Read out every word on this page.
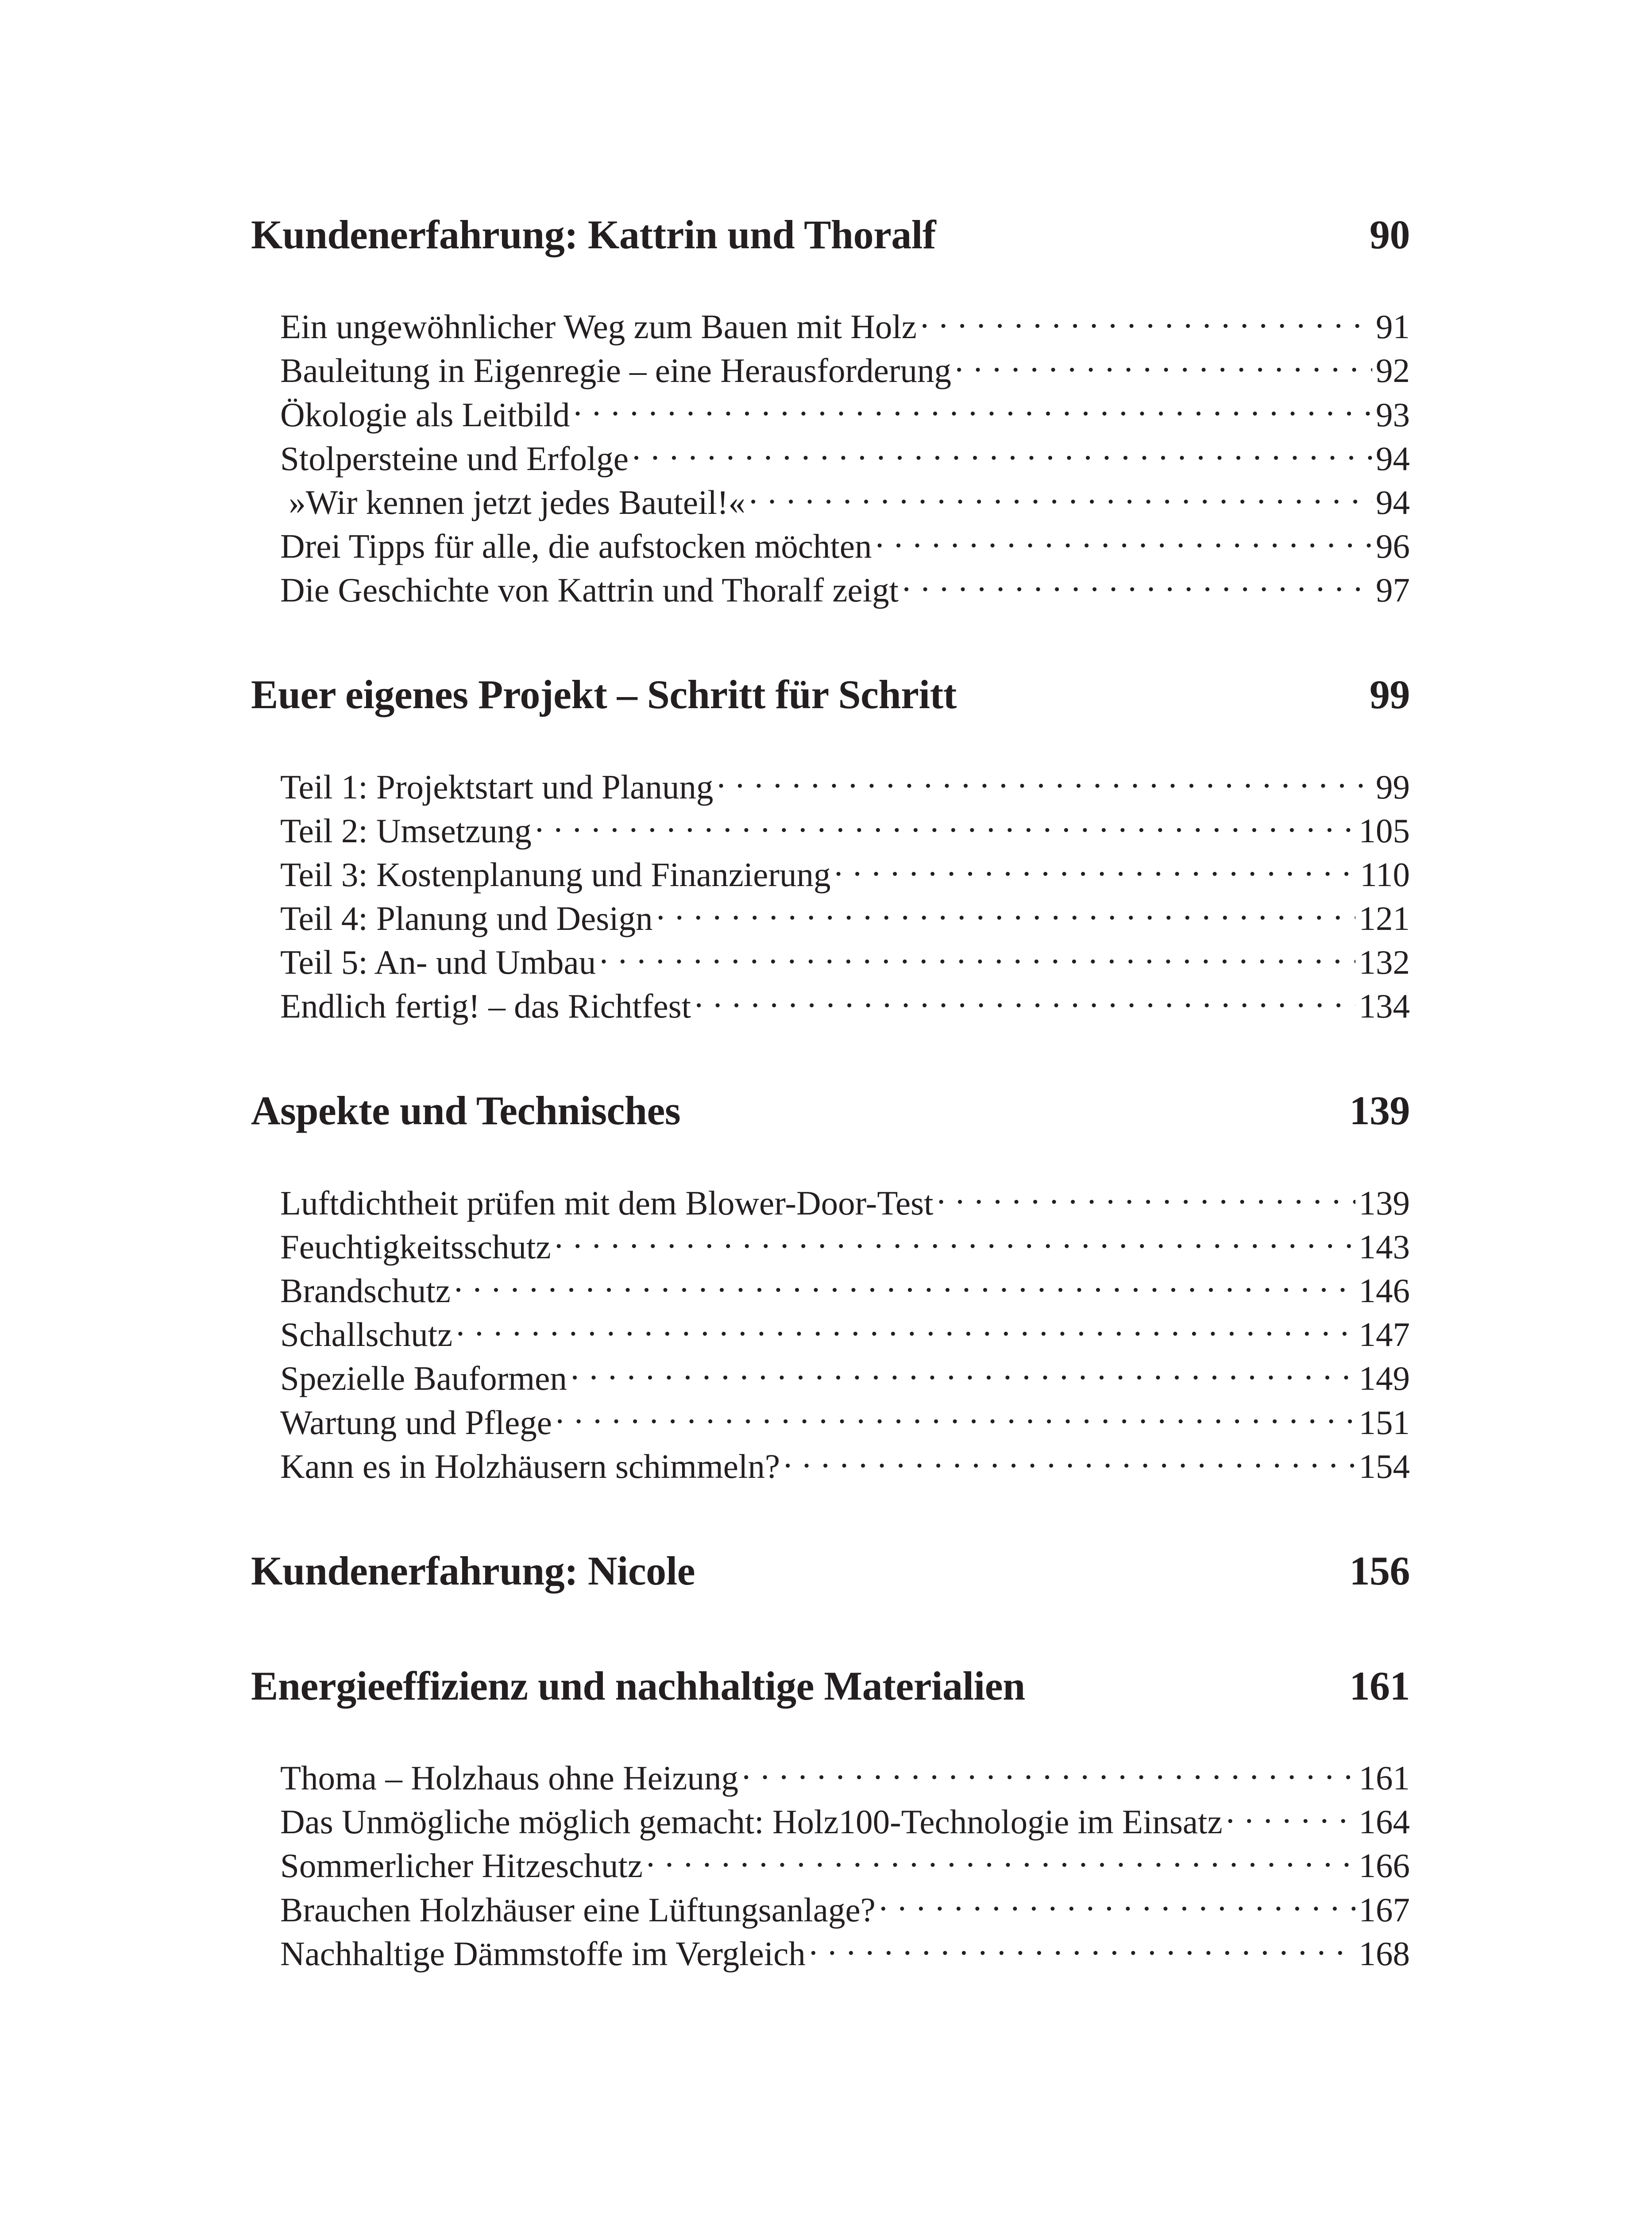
Kundenerfahrung: Kattrin und Thoralf	90
Ein ungewöhnlicher Weg zum Bauen mit Holz . . .	91
Bauleitung in Eigenregie – eine Herausforderung . . .	92
Ökologie als Leitbild . . .	93
Stolpersteine und Erfolge . . .	94
»Wir kennen jetzt jedes Bauteil!« . . .	94
Drei Tipps für alle, die aufstocken möchten . . .	96
Die Geschichte von Kattrin und Thoralf zeigt . . .	97
Euer eigenes Projekt – Schritt für Schritt	99
Teil 1: Projektstart und Planung . . .	99
Teil 2: Umsetzung . . .	105
Teil 3: Kostenplanung und Finanzierung . . .	110
Teil 4: Planung und Design . . .	121
Teil 5: An- und Umbau . . .	132
Endlich fertig! – das Richtfest . . .	134
Aspekte und Technisches	139
Luftdichtheit prüfen mit dem Blower-Door-Test . . .	139
Feuchtigkeitsschutz . . .	143
Brandschutz . . .	146
Schallschutz . . .	147
Spezielle Bauformen . . .	149
Wartung und Pflege . . .	151
Kann es in Holzhäusern schimmeln? . . .	154
Kundenerfahrung: Nicole	156
Energieeffizienz und nachhaltige Materialien	161
Thoma – Holzhaus ohne Heizung . . .	161
Das Unmögliche möglich gemacht: Holz100-Technologie im Einsatz . . .	164
Sommerlicher Hitzeschutz . . .	166
Brauchen Holzhäuser eine Lüftungsanlage? . . .	167
Nachhaltige Dämmstoffe im Vergleich . . .	168
